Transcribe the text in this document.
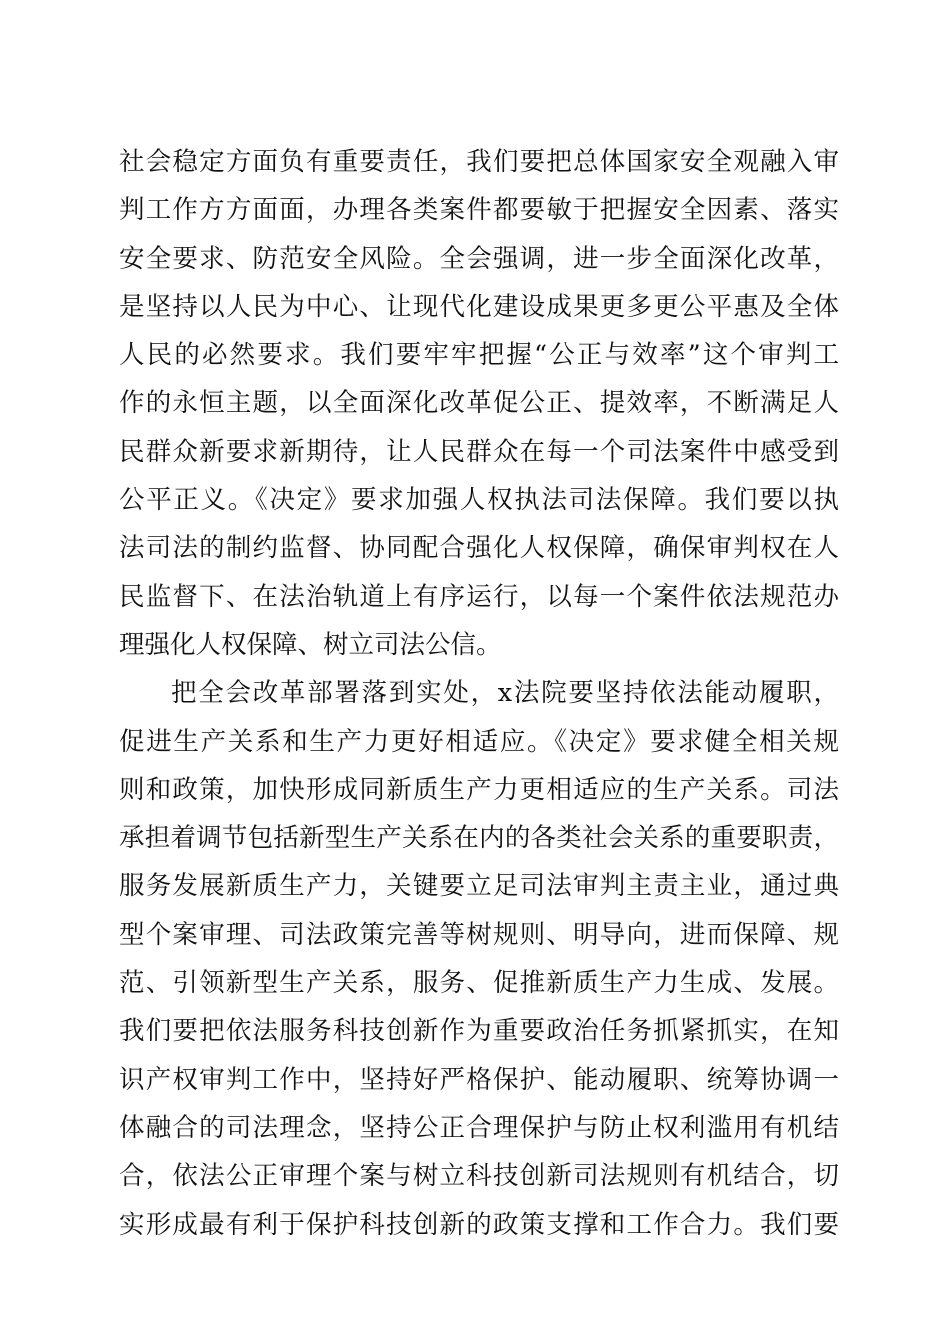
社会稳定方面负有重要责任，我们要把总体国家安全观融入审
判工作方方面面，办理各类案件都要敏于把握安全因素、落实
安全要求、防范安全风险。全会强调，进一步全面深化改革，
是坚持以人民为中心、让现代化建设成果更多更公平惠及全体
人民的必然要求。我们要牢牢把握“公正与效率”这个审判工
作的永恒主题，以全面深化改革促公正、提效率，不断满足人
民群众新要求新期待，让人民群众在每一个司法案件中感受到
公平正义。《决定》要求加强人权执法司法保障。我们要以执
法司法的制约监督、协同配合强化人权保障，确保审判权在人
民监督下、在法治轨道上有序运行，以每一个案件依法规范办
理强化人权保障、树立司法公信。
把全会改革部署落到实处，x法院要坚持依法能动履职，
促进生产关系和生产力更好相适应。《决定》要求健全相关规
则和政策，加快形成同新质生产力更相适应的生产关系。司法
承担着调节包括新型生产关系在内的各类社会关系的重要职责，
服务发展新质生产力，关键要立足司法审判主责主业，通过典
型个案审理、司法政策完善等树规则、明导向，进而保障、规
范、引领新型生产关系，服务、促推新质生产力生成、发展。
我们要把依法服务科技创新作为重要政治任务抓紧抓实，在知
识产权审判工作中，坚持好严格保护、能动履职、统筹协调一
体融合的司法理念，坚持公正合理保护与防止权利滥用有机结
合，依法公正审理个案与树立科技创新司法规则有机结合，切
实形成最有利于保护科技创新的政策支撑和工作合力。我们要
